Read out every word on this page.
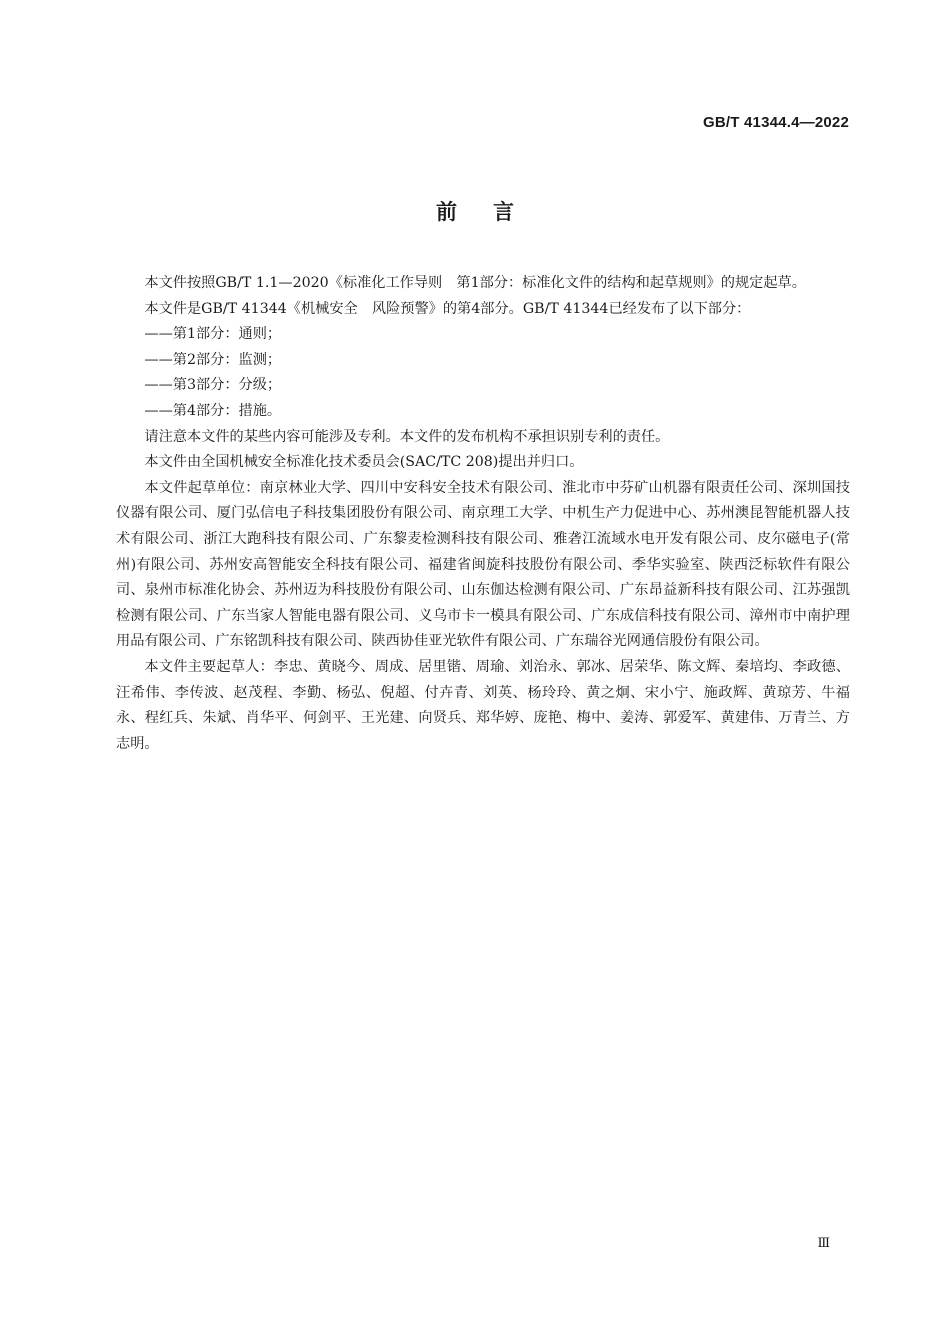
GB/T 41344.4—2022
前言

本文件按照GB/T 1.1—2020《标准化工作导则　第1部分：标准化文件的结构和起草规则》的规定起草。

本文件是GB/T 41344《机械安全　风险预警》的第4部分。GB/T 41344已经发布了以下部分：

——第1部分：通则；

——第2部分：监测；

——第3部分：分级；

——第4部分：措施。

请注意本文件的某些内容可能涉及专利。本文件的发布机构不承担识别专利的责任。

本文件由全国机械安全标准化技术委员会(SAC/TC 208)提出并归口。

本文件起草单位：南京林业大学、四川中安科安全技术有限公司、淮北市中芬矿山机器有限责任公司、深圳国技仪器有限公司、厦门弘信电子科技集团股份有限公司、南京理工大学、中机生产力促进中心、苏州澳昆智能机器人技术有限公司、浙江大跑科技有限公司、广东黎麦检测科技有限公司、雅砻江流域水电开发有限公司、皮尔磁电子(常州)有限公司、苏州安高智能安全科技有限公司、福建省闽旋科技股份有限公司、季华实验室、陕西泛标软件有限公司、泉州市标准化协会、苏州迈为科技股份有限公司、山东伽达检测有限公司、广东昂益新科技有限公司、江苏强凯检测有限公司、广东当家人智能电器有限公司、义乌市卡一模具有限公司、广东成信科技有限公司、漳州市中南护理用品有限公司、广东铭凯科技有限公司、陕西协佳亚光软件有限公司、广东瑞谷光网通信股份有限公司。

本文件主要起草人：李忠、黄晓今、周成、居里锴、周瑜、刘治永、郭冰、居荣华、陈文辉、秦培均、李政德、汪希伟、李传波、赵茂程、李勤、杨弘、倪超、付卉青、刘英、杨玲玲、黄之炯、宋小宁、施政辉、黄琼芳、牛福永、程红兵、朱斌、肖华平、何剑平、王光建、向贤兵、郑华婷、庞艳、梅中、姜涛、郭爱军、黄建伟、万青兰、方志明。

Ⅲ
